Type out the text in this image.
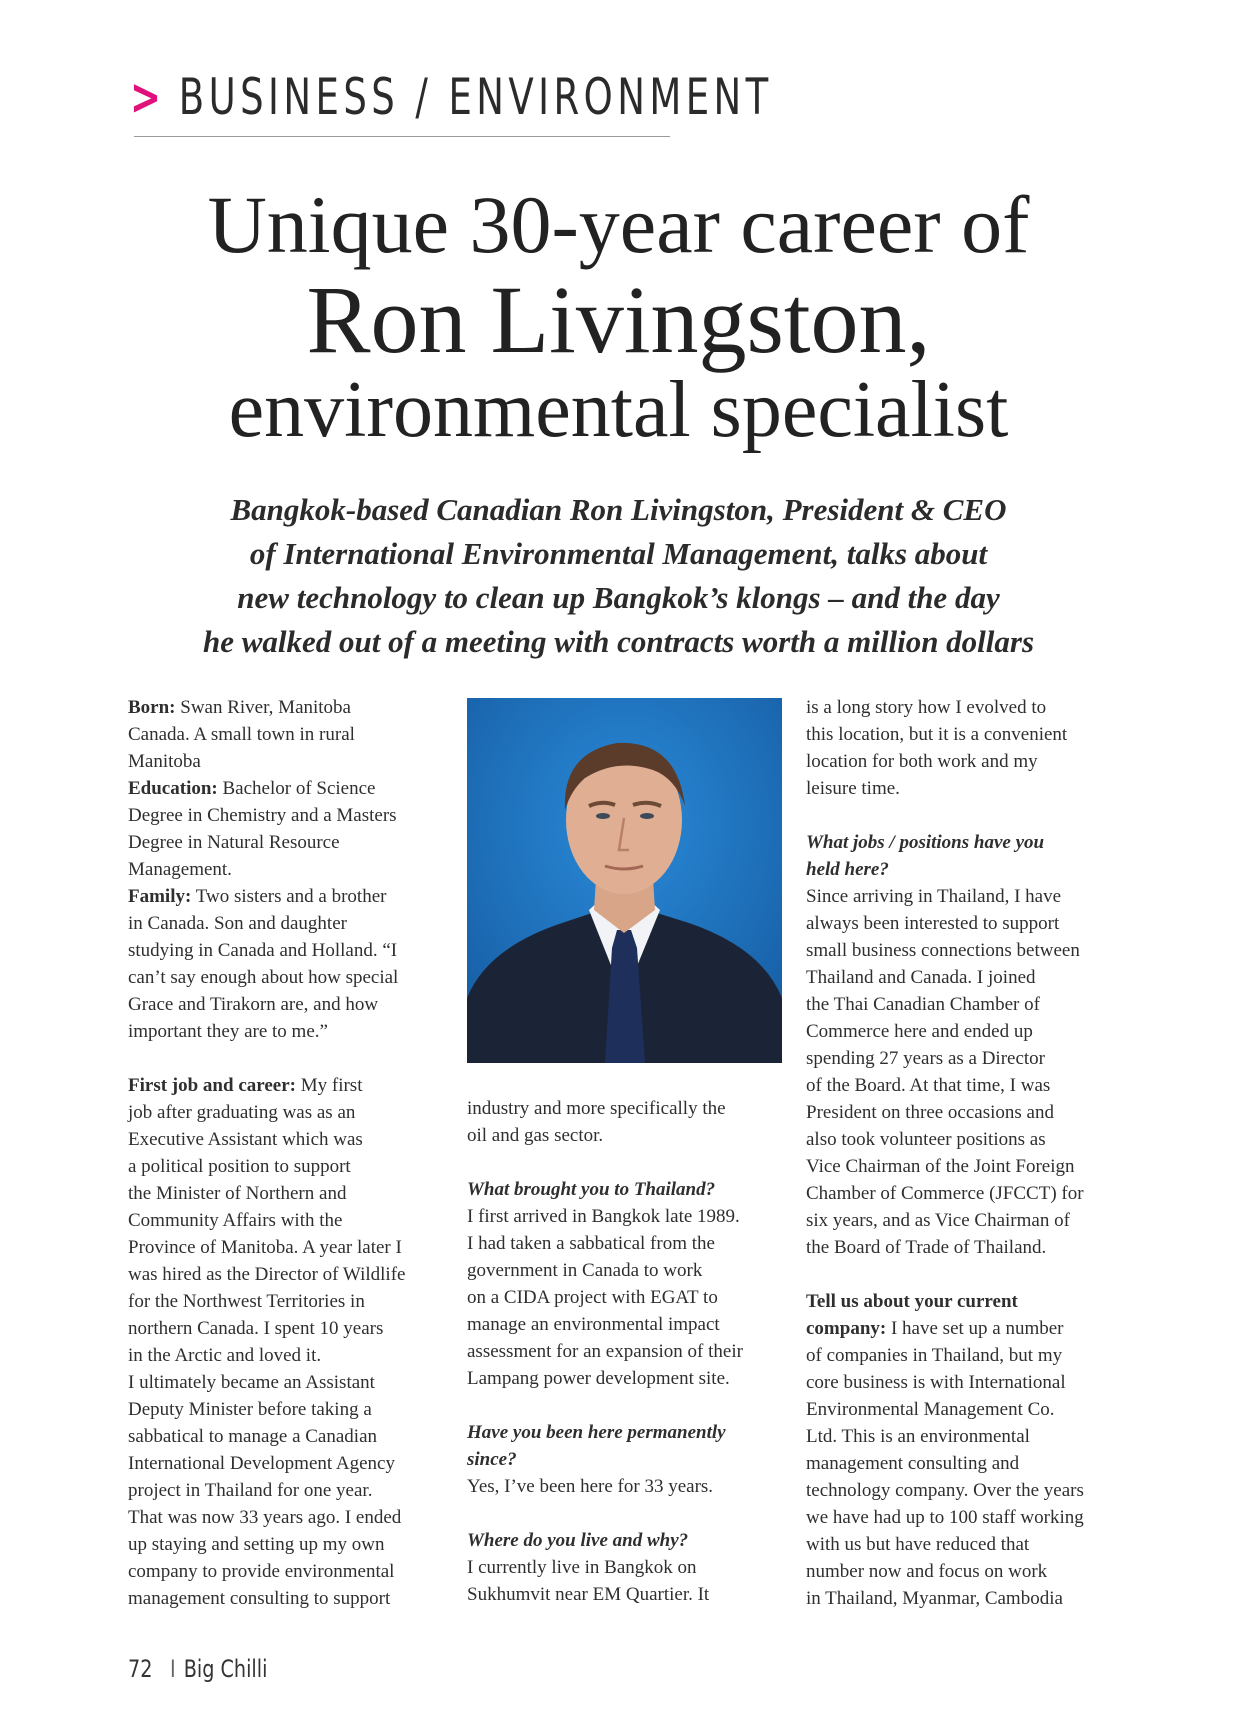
> BUSINESS / ENVIRONMENT
Unique 30-year career of
Ron Livingston,
environmental specialist
Bangkok-based Canadian Ron Livingston, President & CEO
of International Environmental Management, talks about
new technology to clean up Bangkok’s klongs – and the day
he walked out of a meeting with contracts worth a million dollars

Born: Swan River, Manitoba

Canada. A small town in rural

Manitoba

Education: Bachelor of Science

Degree in Chemistry and a Masters

Degree in Natural Resource

Management.

Family: Two sisters and a brother

in Canada. Son and daughter

studying in Canada and Holland. “I

can’t say enough about how special

Grace and Tirakorn are, and how

important they are to me.”

First job and career: My first

job after graduating was as an

Executive Assistant which was

a political position to support

the Minister of Northern and

Community Affairs with the

Province of Manitoba. A year later I

was hired as the Director of Wildlife

for the Northwest Territories in

northern Canada. I spent 10 years

in the Arctic and loved it.

I ultimately became an Assistant

Deputy Minister before taking a

sabbatical to manage a Canadian

International Development Agency

project in Thailand for one year.

That was now 33 years ago. I ended

up staying and setting up my own

company to provide environmental

management consulting to support

industry and more specifically the

oil and gas sector.

What brought you to Thailand?

I first arrived in Bangkok late 1989.

I had taken a sabbatical from the

government in Canada to work

on a CIDA project with EGAT to

manage an environmental impact

assessment for an expansion of their

Lampang power development site.

Have you been here permanently

since?

Yes, I’ve been here for 33 years.

Where do you live and why?

I currently live in Bangkok on

Sukhumvit near EM Quartier. It

is a long story how I evolved to

this location, but it is a convenient

location for both work and my

leisure time.

What jobs / positions have you

held here?

Since arriving in Thailand, I have

always been interested to support

small business connections between

Thailand and Canada. I joined

the Thai Canadian Chamber of

Commerce here and ended up

spending 27 years as a Director

of the Board. At that time, I was

President on three occasions and

also took volunteer positions as

Vice Chairman of the Joint Foreign

Chamber of Commerce (JFCCT) for

six years, and as Vice Chairman of

the Board of Trade of Thailand.

Tell us about your current

company: I have set up a number

of companies in Thailand, but my

core business is with International

Environmental Management Co.

Ltd. This is an environmental

management consulting and

technology company. Over the years

we have had up to 100 staff working

with us but have reduced that

number now and focus on work

in Thailand, Myanmar, Cambodia

72 I Big Chilli
